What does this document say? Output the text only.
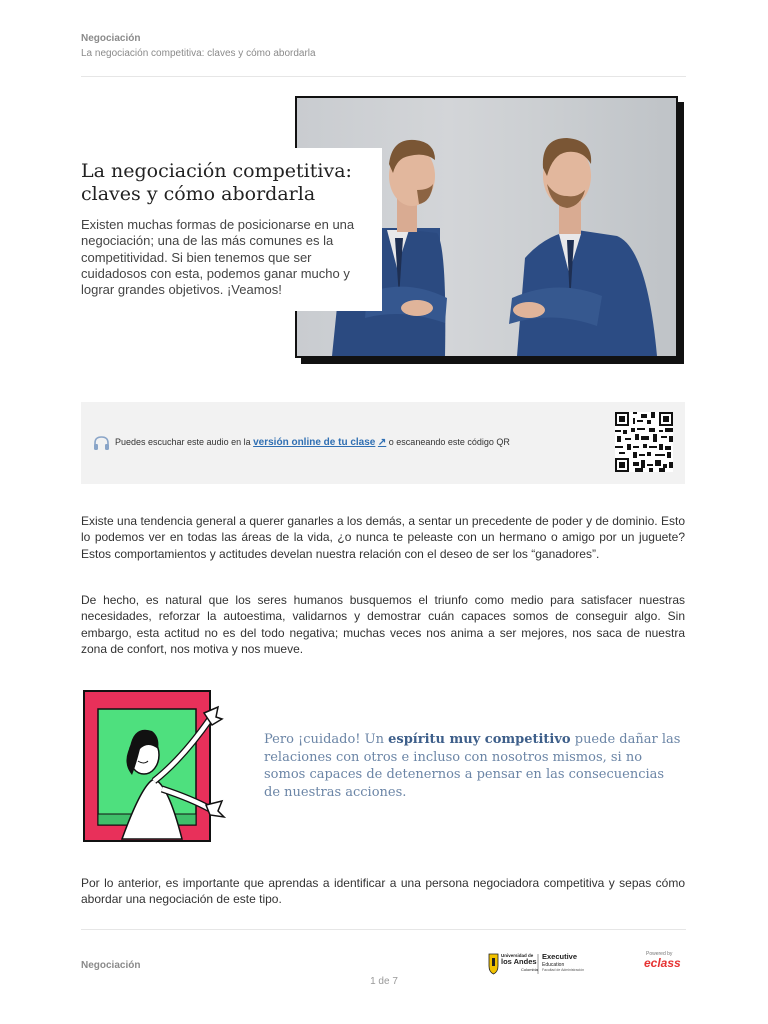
Negociación
La negociación competitiva: claves y cómo abordarla
La negociación competitiva: claves y cómo abordarla
Existen muchas formas de posicionarse en una negociación; una de las más comunes es la competitividad. Si bien tenemos que ser cuidadosos con esta, podemos ganar mucho y lograr grandes objetivos. ¡Veamos!
Puedes escuchar este audio en la versión online de tu clase ↗ o escaneando este código QR
Existe una tendencia general a querer ganarles a los demás, a sentar un precedente de poder y de dominio. Esto lo podemos ver en todas las áreas de la vida, ¿o nunca te peleaste con un hermano o amigo por un juguete? Estos comportamientos y actitudes develan nuestra relación con el deseo de ser los “ganadores”.
De hecho, es natural que los seres humanos busquemos el triunfo como medio para satisfacer nuestras necesidades, reforzar la autoestima, validarnos y demostrar cuán capaces somos de conseguir algo. Sin embargo, esta actitud no es del todo negativa; muchas veces nos anima a ser mejores, nos saca de nuestra zona de confort, nos motiva y nos mueve.
Pero ¡cuidado! Un espíritu muy competitivo puede dañar las relaciones con otros e incluso con nosotros mismos, si no somos capaces de detenernos a pensar en las consecuencias de nuestras acciones.
Por lo anterior, es importante que aprendas a identificar a una persona negociadora competitiva y sepas cómo abordar una negociación de este tipo.
Negociación
1 de 7
Universidad de
los Andes
Colombia
Executive
Education
Facultad de Administración
Powered by
eclass
